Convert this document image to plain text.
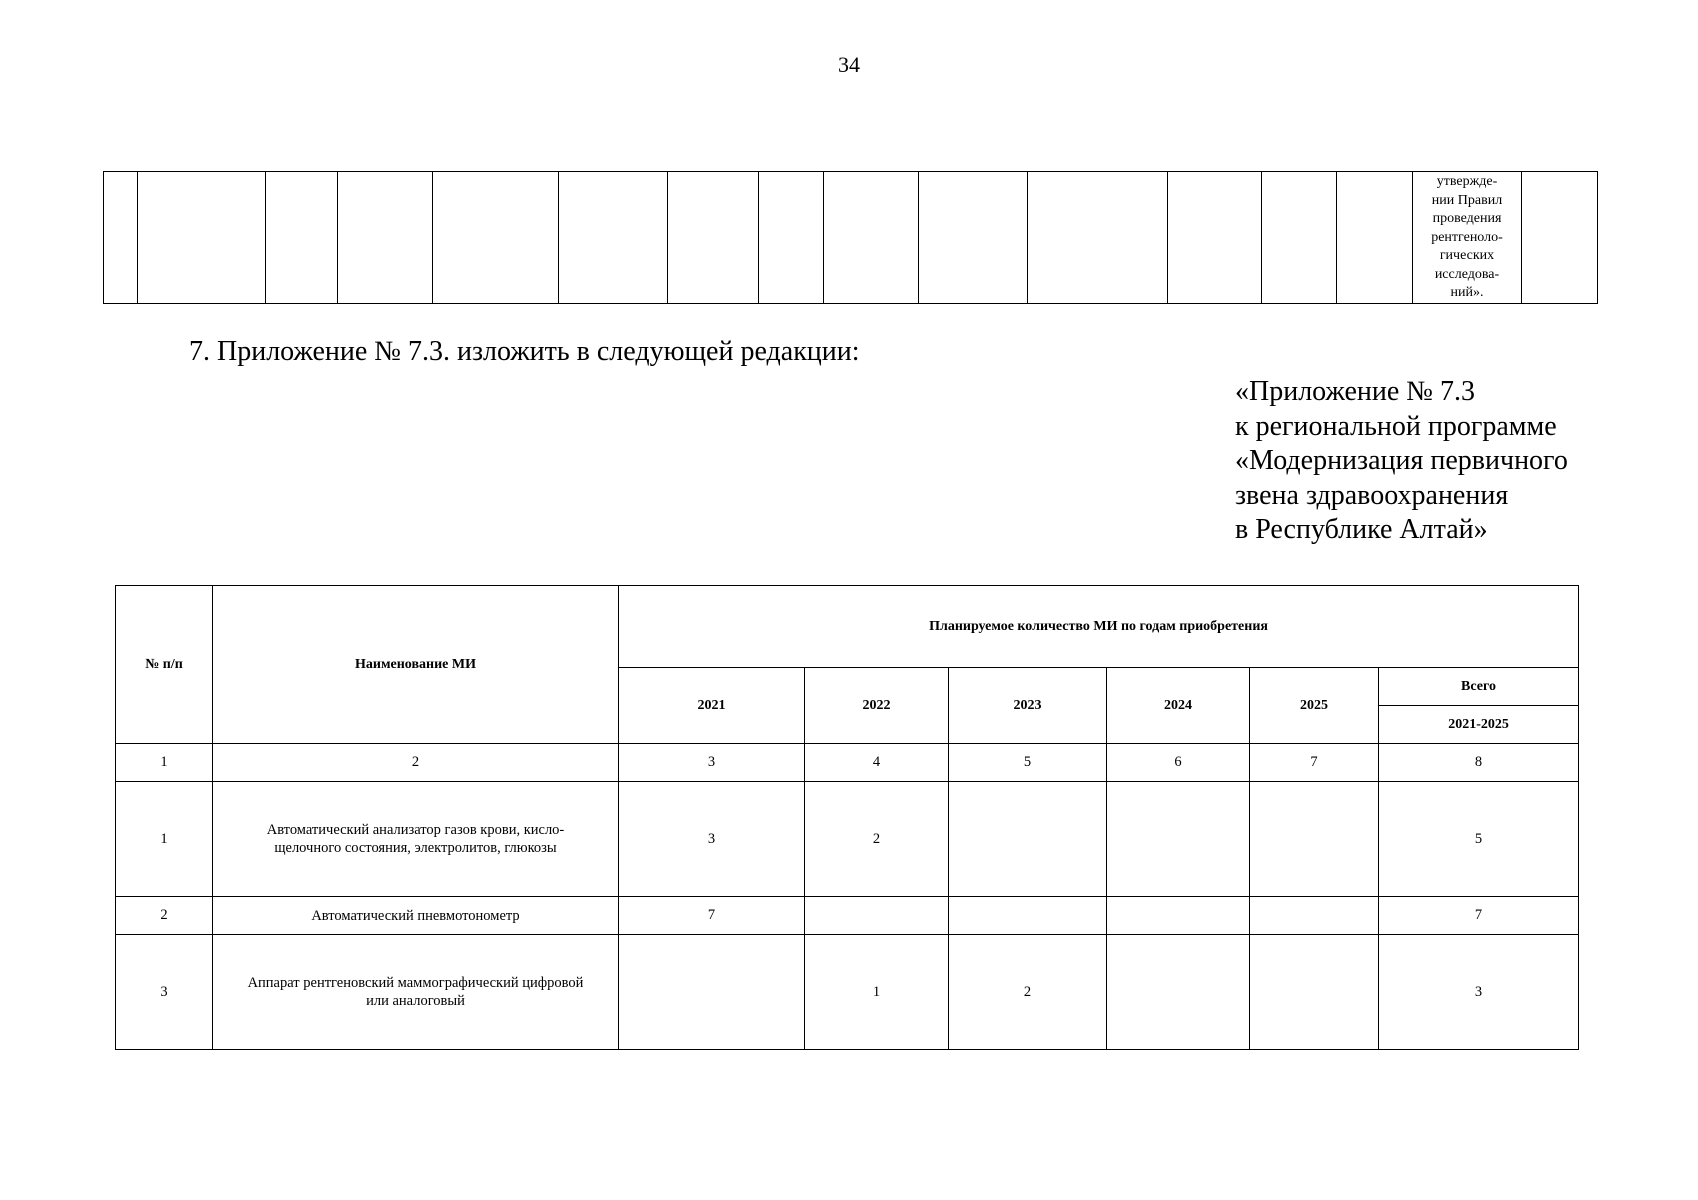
34

утвержде-
нии Правил
проведения
рентгеноло-
гических
исследова-
ний».

7. Приложение № 7.3. изложить в следующей редакции:
«Приложение № 7.3
к региональной программе
«Модернизация первичного
звена здравоохранения
в Республике Алтай»
№ п/п	Наименование МИ	Планируемое количество МИ по годам приобретения					
		2021	2022	2023	2024	2025	Всего
							2021-2025
1	2	3	4	5	6	7	8
1	Автоматический анализатор газов крови, кисло-
щелочного состояния, электролитов, глюкозы	3	2				5
2	Автоматический пневмотонометр	7					7
3	Аппарат рентгеновский маммографический цифровой
или аналоговый		1	2			3
